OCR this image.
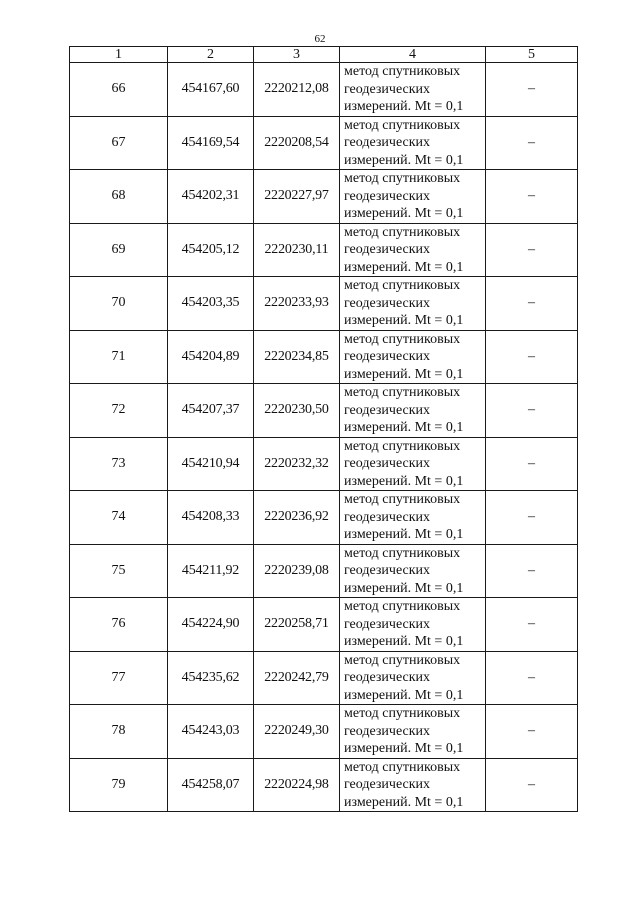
62
1	2	3	4	5
66	454167,60	2220212,08	метод спутниковых
геодезических
измерений. Mt = 0,1	–
67	454169,54	2220208,54	метод спутниковых
геодезических
измерений. Mt = 0,1	–
68	454202,31	2220227,97	метод спутниковых
геодезических
измерений. Mt = 0,1	–
69	454205,12	2220230,11	метод спутниковых
геодезических
измерений. Mt = 0,1	–
70	454203,35	2220233,93	метод спутниковых
геодезических
измерений. Mt = 0,1	–
71	454204,89	2220234,85	метод спутниковых
геодезических
измерений. Mt = 0,1	–
72	454207,37	2220230,50	метод спутниковых
геодезических
измерений. Mt = 0,1	–
73	454210,94	2220232,32	метод спутниковых
геодезических
измерений. Mt = 0,1	–
74	454208,33	2220236,92	метод спутниковых
геодезических
измерений. Mt = 0,1	–
75	454211,92	2220239,08	метод спутниковых
геодезических
измерений. Mt = 0,1	–
76	454224,90	2220258,71	метод спутниковых
геодезических
измерений. Mt = 0,1	–
77	454235,62	2220242,79	метод спутниковых
геодезических
измерений. Mt = 0,1	–
78	454243,03	2220249,30	метод спутниковых
геодезических
измерений. Mt = 0,1	–
79	454258,07	2220224,98	метод спутниковых
геодезических
измерений. Mt = 0,1	–
